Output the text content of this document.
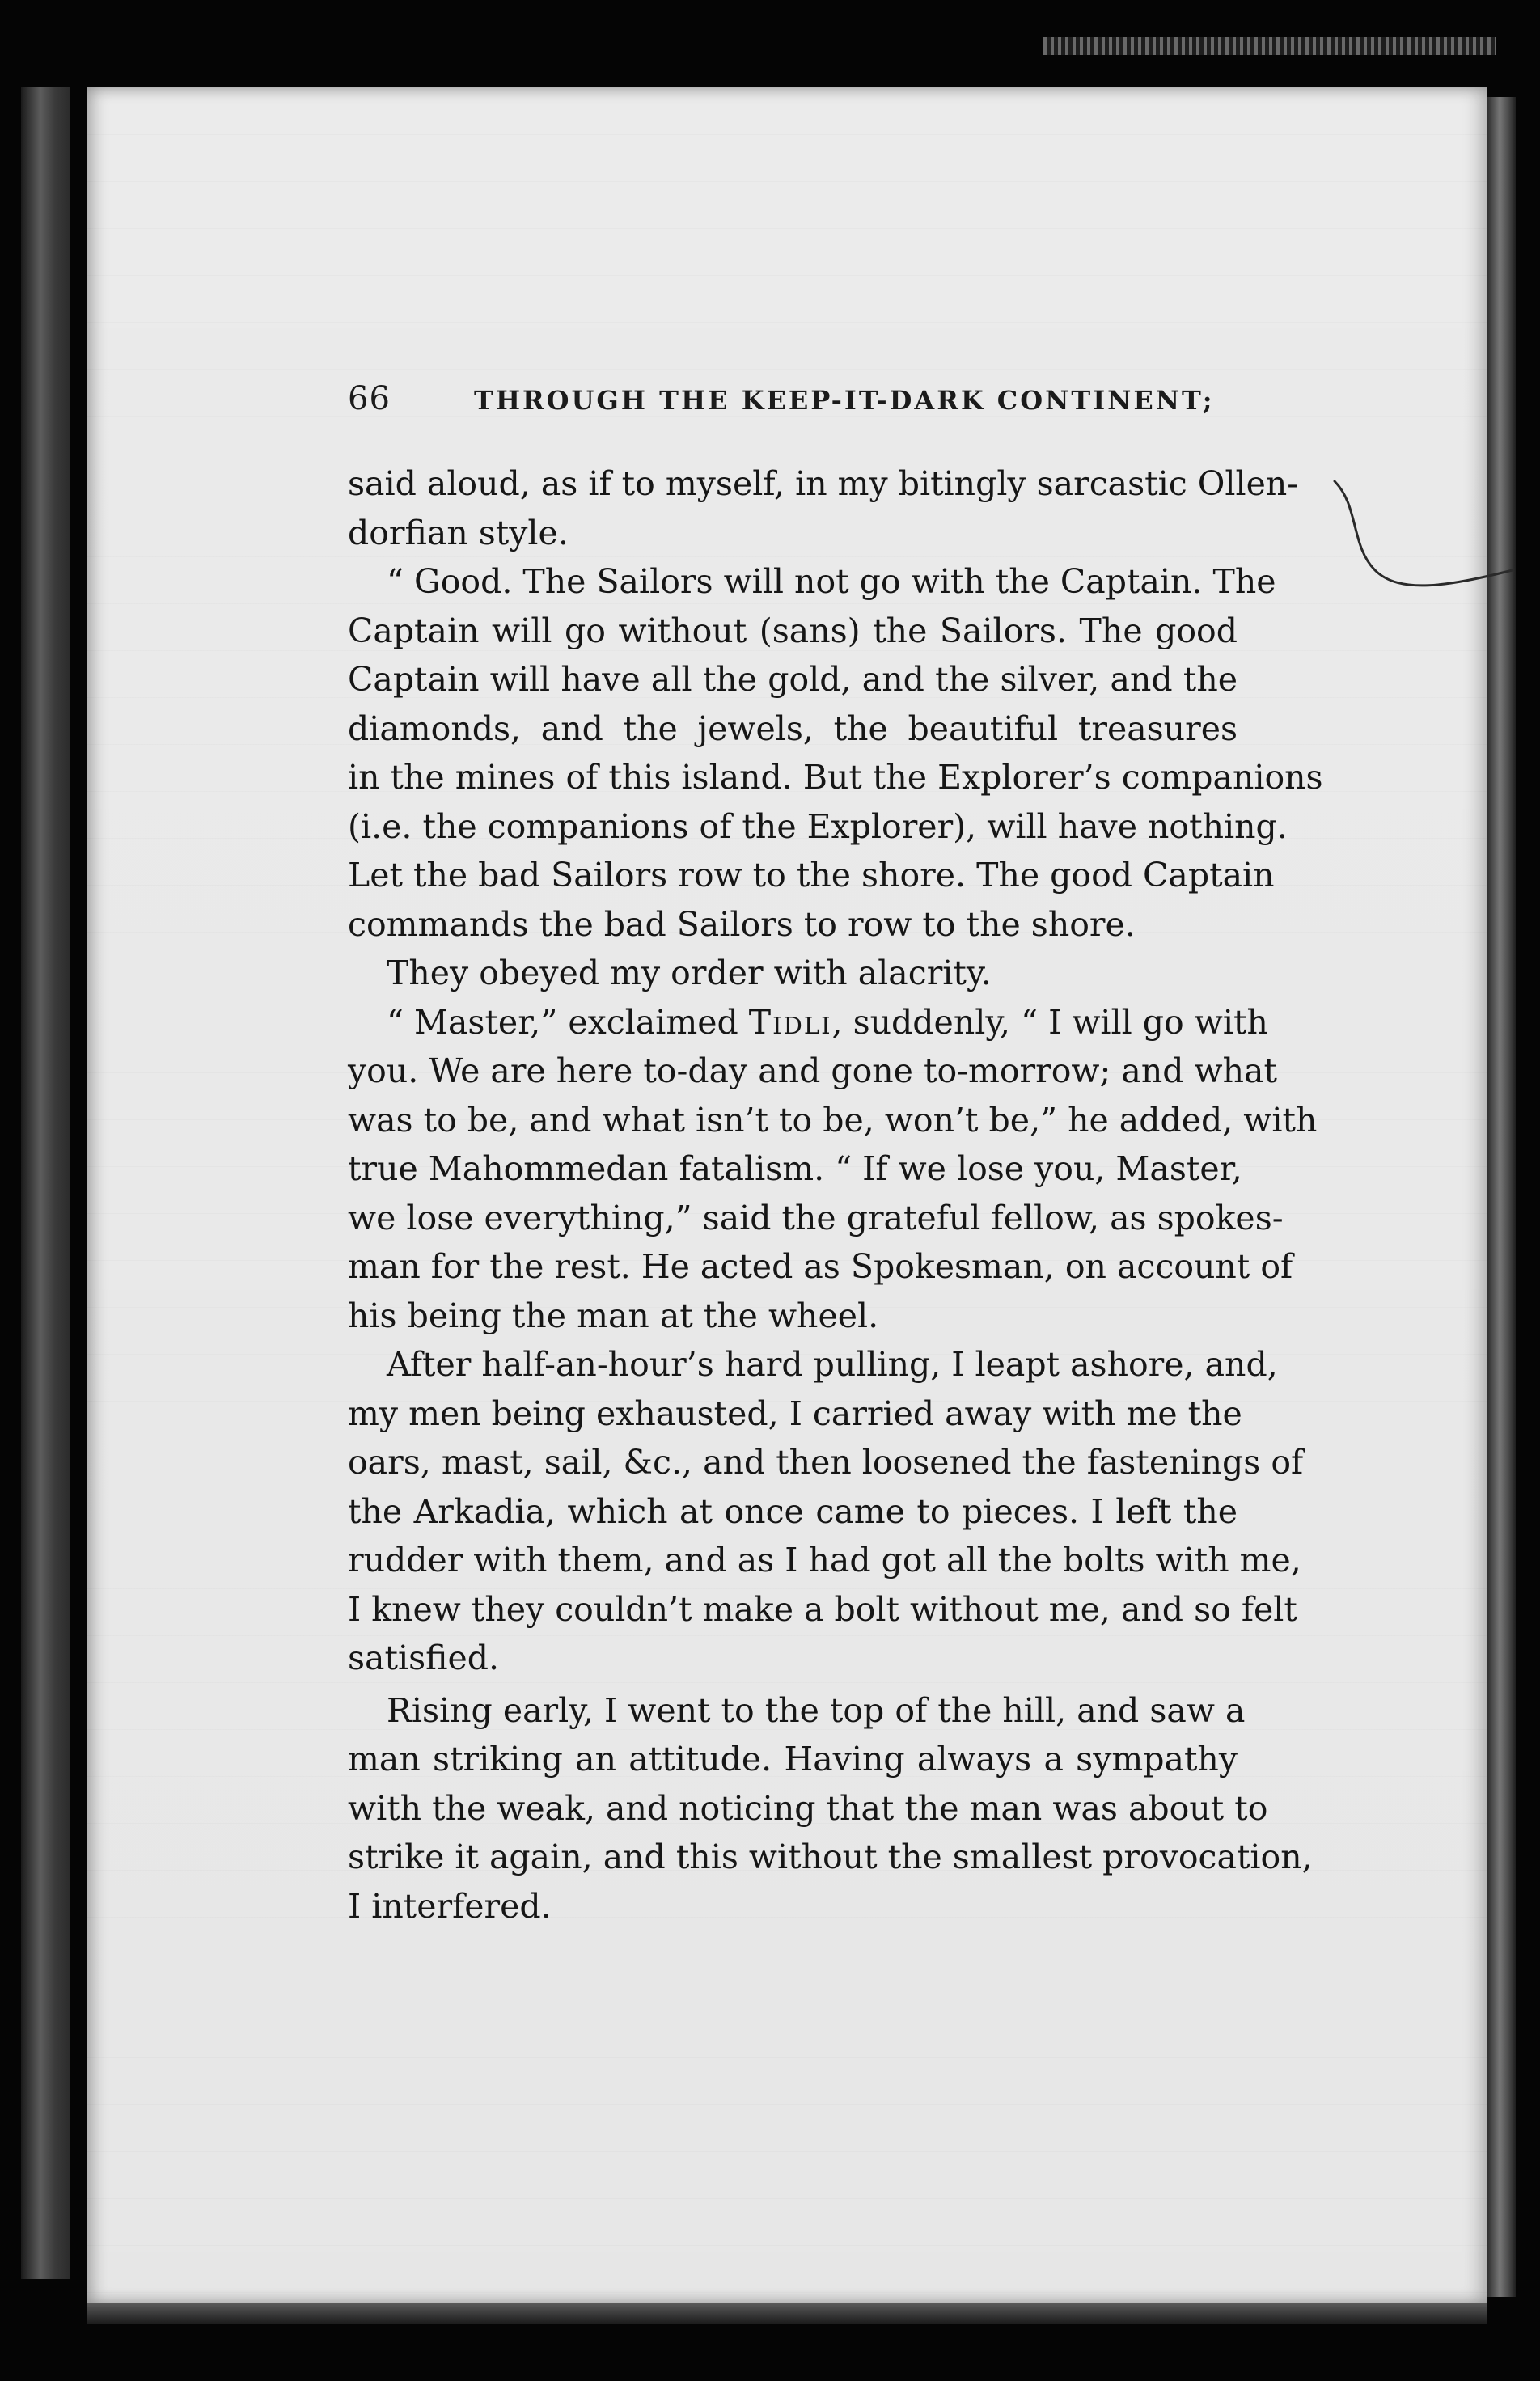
66	THROUGH THE KEEP-IT-DARK CONTINENT;
said aloud, as if to myself, in my bitingly sarcastic Ollen-
dorfian style.
“ Good. The Sailors will not go with the Captain. The
Captain will go without (sans) the Sailors. The good
Captain will have all the gold, and the silver, and the
diamonds, and the jewels, the beautiful treasures
in the mines of this island. But the Explorer’s companions
(i.e. the companions of the Explorer), will have nothing.
Let the bad Sailors row to the shore. The good Captain
commands the bad Sailors to row to the shore.
They obeyed my order with alacrity.
“ Master,” exclaimed Tidli, suddenly, “ I will go with
you. We are here to-day and gone to-morrow; and what
was to be, and what isn’t to be, won’t be,” he added, with
true Mahommedan fatalism. “ If we lose you, Master,
we lose everything,” said the grateful fellow, as spokes-
man for the rest. He acted as Spokesman, on account of
his being the man at the wheel.
After half-an-hour’s hard pulling, I leapt ashore, and,
my men being exhausted, I carried away with me the
oars, mast, sail, &c., and then loosened the fastenings of
the Arkadia, which at once came to pieces. I left the
rudder with them, and as I had got all the bolts with me,
I knew they couldn’t make a bolt without me, and so felt
satisfied.
Rising early, I went to the top of the hill, and saw a
man striking an attitude. Having always a sympathy
with the weak, and noticing that the man was about to
strike it again, and this without the smallest provocation,
I interfered.
